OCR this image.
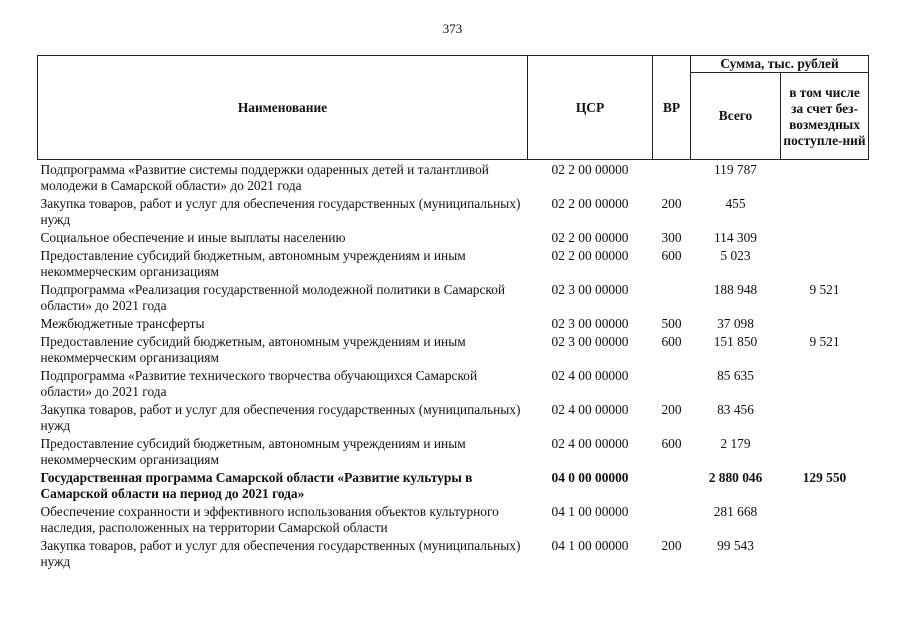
373
Наименование	ЦСР	ВР	Сумма, тыс. рублей	
			Всего	в том числе за счет без-возмездных поступле-ний
Подпрограмма «Развитие системы поддержки одаренных детей и талантливой молодежи в Самарской области» до 2021 года	02 2 00 00000		119 787	
Закупка товаров, работ и услуг для обеспечения государственных (муниципальных) нужд	02 2 00 00000	200	455	
Социальное обеспечение и иные выплаты населению	02 2 00 00000	300	114 309	
Предоставление субсидий бюджетным, автономным учреждениям и иным некоммерческим организациям	02 2 00 00000	600	5 023	
Подпрограмма «Реализация государственной молодежной политики в Самарской области» до 2021 года	02 3 00 00000		188 948	9 521
Межбюджетные трансферты	02 3 00 00000	500	37 098	
Предоставление субсидий бюджетным, автономным учреждениям и иным некоммерческим организациям	02 3 00 00000	600	151 850	9 521
Подпрограмма «Развитие технического творчества обучающихся Самарской области» до 2021 года	02 4 00 00000		85 635	
Закупка товаров, работ и услуг для обеспечения государственных (муниципальных) нужд	02 4 00 00000	200	83 456	
Предоставление субсидий бюджетным, автономным учреждениям и иным некоммерческим организациям	02 4 00 00000	600	2 179	
Государственная программа Самарской области «Развитие культуры в Самарской области на период до 2021 года»	04 0 00 00000		2 880 046	129 550
Обеспечение сохранности и эффективного использования объектов культурного наследия, расположенных на территории Самарской области	04 1 00 00000		281 668	
Закупка товаров, работ и услуг для обеспечения государственных (муниципальных) нужд	04 1 00 00000	200	99 543	
